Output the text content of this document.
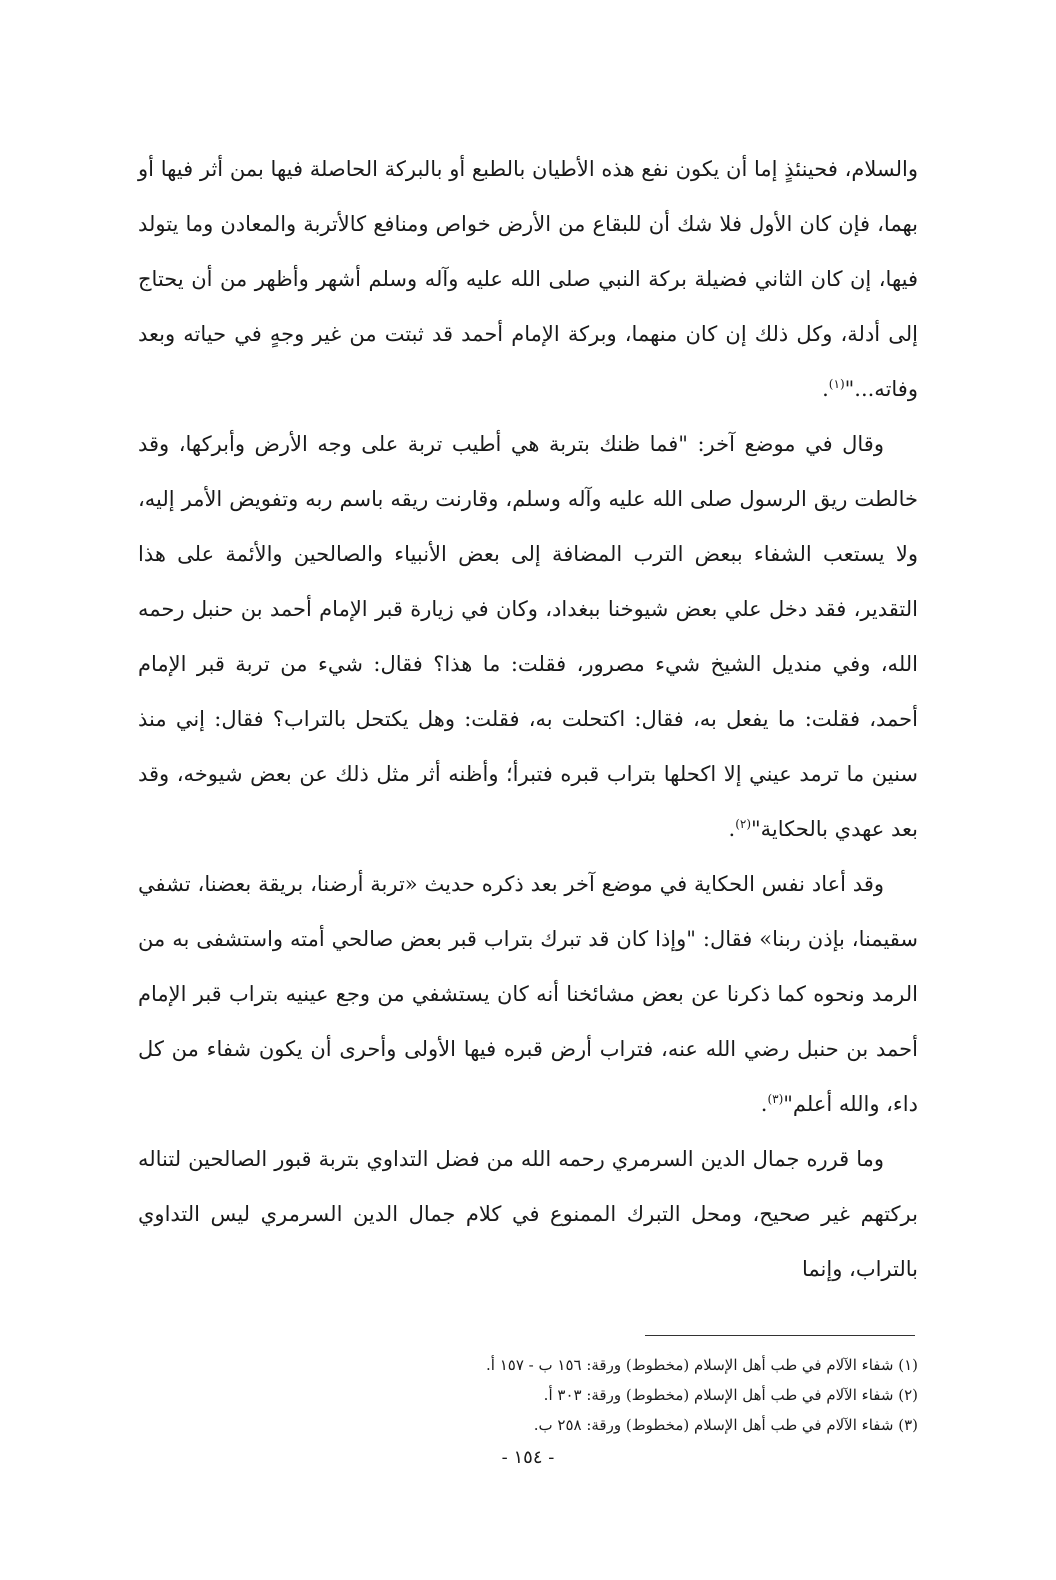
والسلام، فحينئذٍ إما أن يكون نفع هذه الأطيان بالطبع أو بالبركة الحاصلة فيها بمن أثر فيها أو بهما، فإن كان الأول فلا شك أن للبقاع من الأرض خواص ومنافع كالأتربة والمعادن وما يتولد فيها، إن كان الثاني فضيلة بركة النبي صلى الله عليه وآله وسلم أشهر وأظهر من أن يحتاج إلى أدلة، وكل ذلك إن كان منهما، وبركة الإمام أحمد قد ثبتت من غير وجهٍ في حياته وبعد وفاته..."$^{(١)}$.

وقال في موضع آخر: "فما ظنك بتربة هي أطيب تربة على وجه الأرض وأبركها، وقد خالطت ريق الرسول صلى الله عليه وآله وسلم، وقارنت ريقه باسم ربه وتفويض الأمر إليه، ولا يستعب الشفاء ببعض الترب المضافة إلى بعض الأنبياء والصالحين والأئمة على هذا التقدير، فقد دخل علي بعض شيوخنا ببغداد، وكان في زيارة قبر الإمام أحمد بن حنبل رحمه الله، وفي منديل الشيخ شيء مصرور، فقلت: ما هذا؟ فقال: شيء من تربة قبر الإمام أحمد، فقلت: ما يفعل به، فقال: اكتحلت به، فقلت: وهل يكتحل بالتراب؟ فقال: إني منذ سنين ما ترمد عيني إلا اكحلها بتراب قبره فتبرأ؛ وأظنه أثر مثل ذلك عن بعض شيوخه، وقد بعد عهدي بالحكاية"$^{(٢)}$.

وقد أعاد نفس الحكاية في موضع آخر بعد ذكره حديث «تربة أرضنا، بريقة بعضنا، تشفي سقيمنا، بإذن ربنا» فقال: "وإذا كان قد تبرك بتراب قبر بعض صالحي أمته واستشفى به من الرمد ونحوه كما ذكرنا عن بعض مشائخنا أنه كان يستشفي من وجع عينيه بتراب قبر الإمام أحمد بن حنبل رضي الله عنه، فتراب أرض قبره فيها الأولى وأحرى أن يكون شفاء من كل داء، والله أعلم"$^{(٣)}$.

وما قرره جمال الدين السرمري رحمه الله من فضل التداوي بتربة قبور الصالحين لتناله بركتهم غير صحيح، ومحل التبرك الممنوع في كلام جمال الدين السرمري ليس التداوي بالتراب، وإنما

(١) شفاء الآلام في طب أهل الإسلام (مخطوط) ورقة: ١٥٦ ب - ١٥٧ أ.

(٢) شفاء الآلام في طب أهل الإسلام (مخطوط) ورقة: ٣٠٣ أ.

(٣) شفاء الآلام في طب أهل الإسلام (مخطوط) ورقة: ٢٥٨ ب.

- ١٥٤ -
